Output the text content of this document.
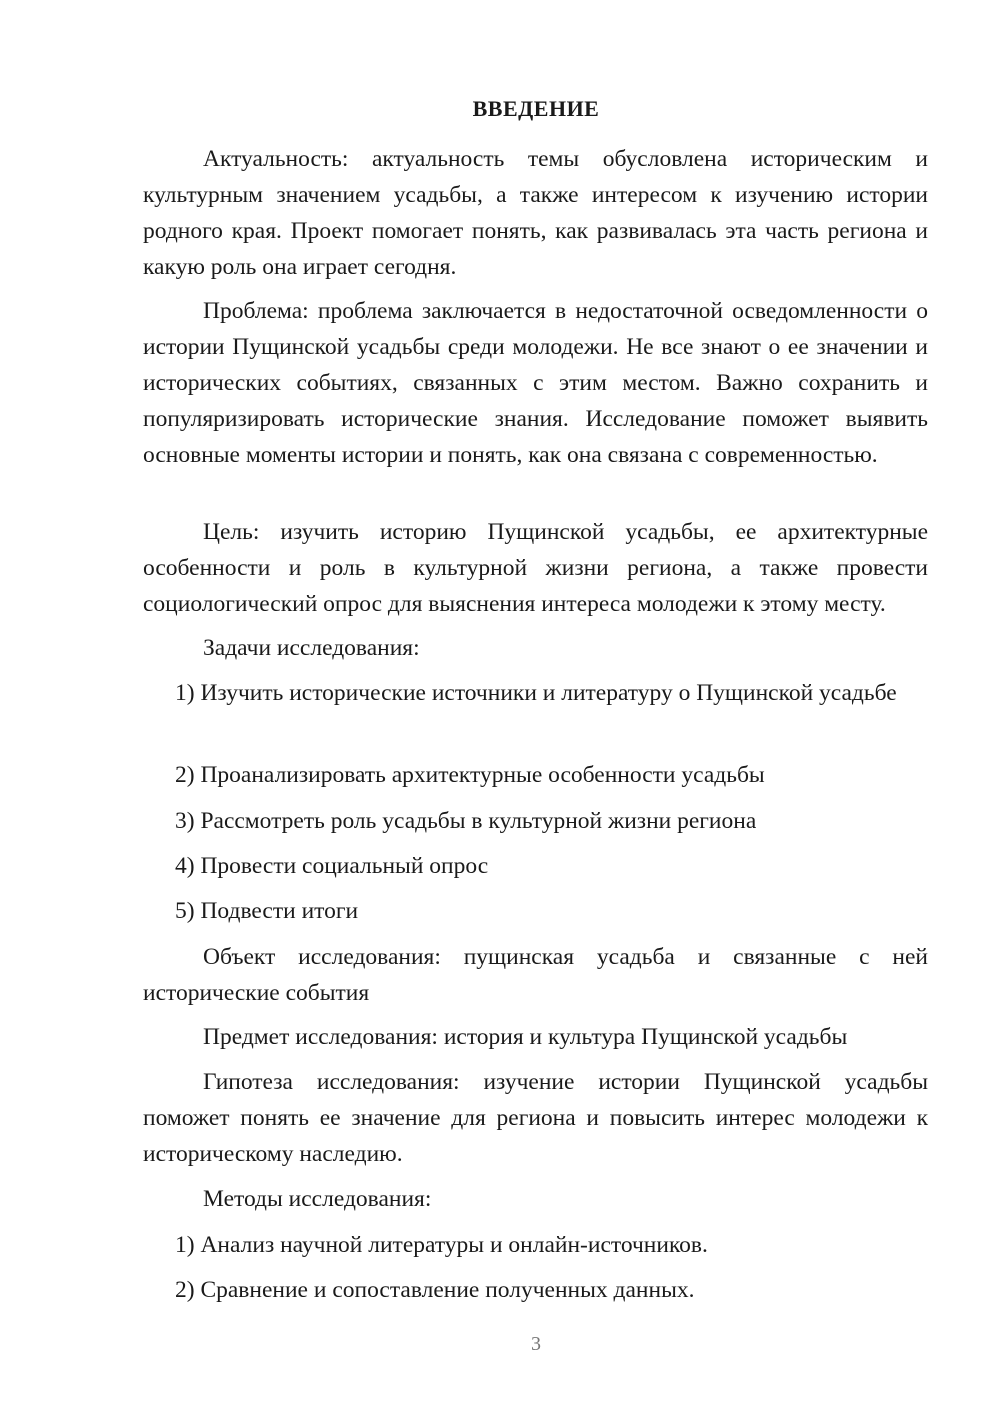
ВВЕДЕНИЕ

Актуальность: актуальность темы обусловлена историческим и культурным значением усадьбы, а также интересом к изучению истории родного края. Проект помогает понять, как развивалась эта часть региона и какую роль она играет сегодня.

Проблема: проблема заключается в недостаточной осведомленности о истории Пущинской усадьбы среди молодежи. Не все знают о ее значении и исторических событиях, связанных с этим местом. Важно сохранить и популяризировать исторические знания. Исследование поможет выявить основные моменты истории и понять, как она связана с современностью.

Цель: изучить историю Пущинской усадьбы, ее архитектурные особенности и роль в культурной жизни региона, а также провести социологический опрос для выяснения интереса молодежи к этому месту.

Задачи исследования:

1) Изучить исторические источники и литературу о Пущинской усадьбе

2) Проанализировать архитектурные особенности усадьбы

3) Рассмотреть роль усадьбы в культурной жизни региона

4) Провести социальный опрос

5) Подвести итоги

Объект исследования: пущинская усадьба и связанные с ней исторические события

Предмет исследования: история и культура Пущинской усадьбы

Гипотеза исследования: изучение истории Пущинской усадьбы поможет понять ее значение для региона и повысить интерес молодежи к историческому наследию.

Методы исследования:

1) Анализ научной литературы и онлайн-источников.

2) Сравнение и сопоставление полученных данных.

3
